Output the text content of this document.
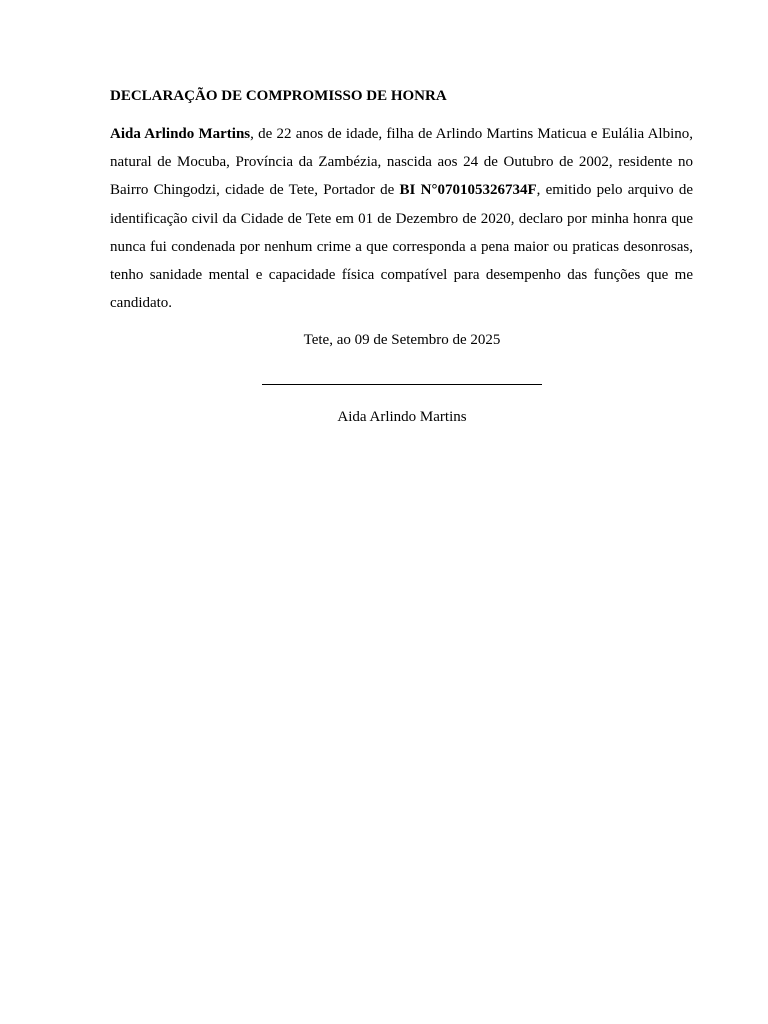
DECLARAÇÃO DE COMPROMISSO DE HONRA

Aida Arlindo Martins, de 22 anos de idade, filha de Arlindo Martins Maticua e Eulália Albino, natural de Mocuba, Província da Zambézia, nascida aos 24 de Outubro de 2002, residente no Bairro Chingodzi, cidade de Tete, Portador de BI N°070105326734F, emitido pelo arquivo de identificação civil da Cidade de Tete em 01 de Dezembro de 2020, declaro por minha honra que nunca fui condenada por nenhum crime a que corresponda a pena maior ou praticas desonrosas, tenho sanidade mental e capacidade física compatível para desempenho das funções que me candidato.

Tete, ao 09 de Setembro de 2025
Aida Arlindo Martins
